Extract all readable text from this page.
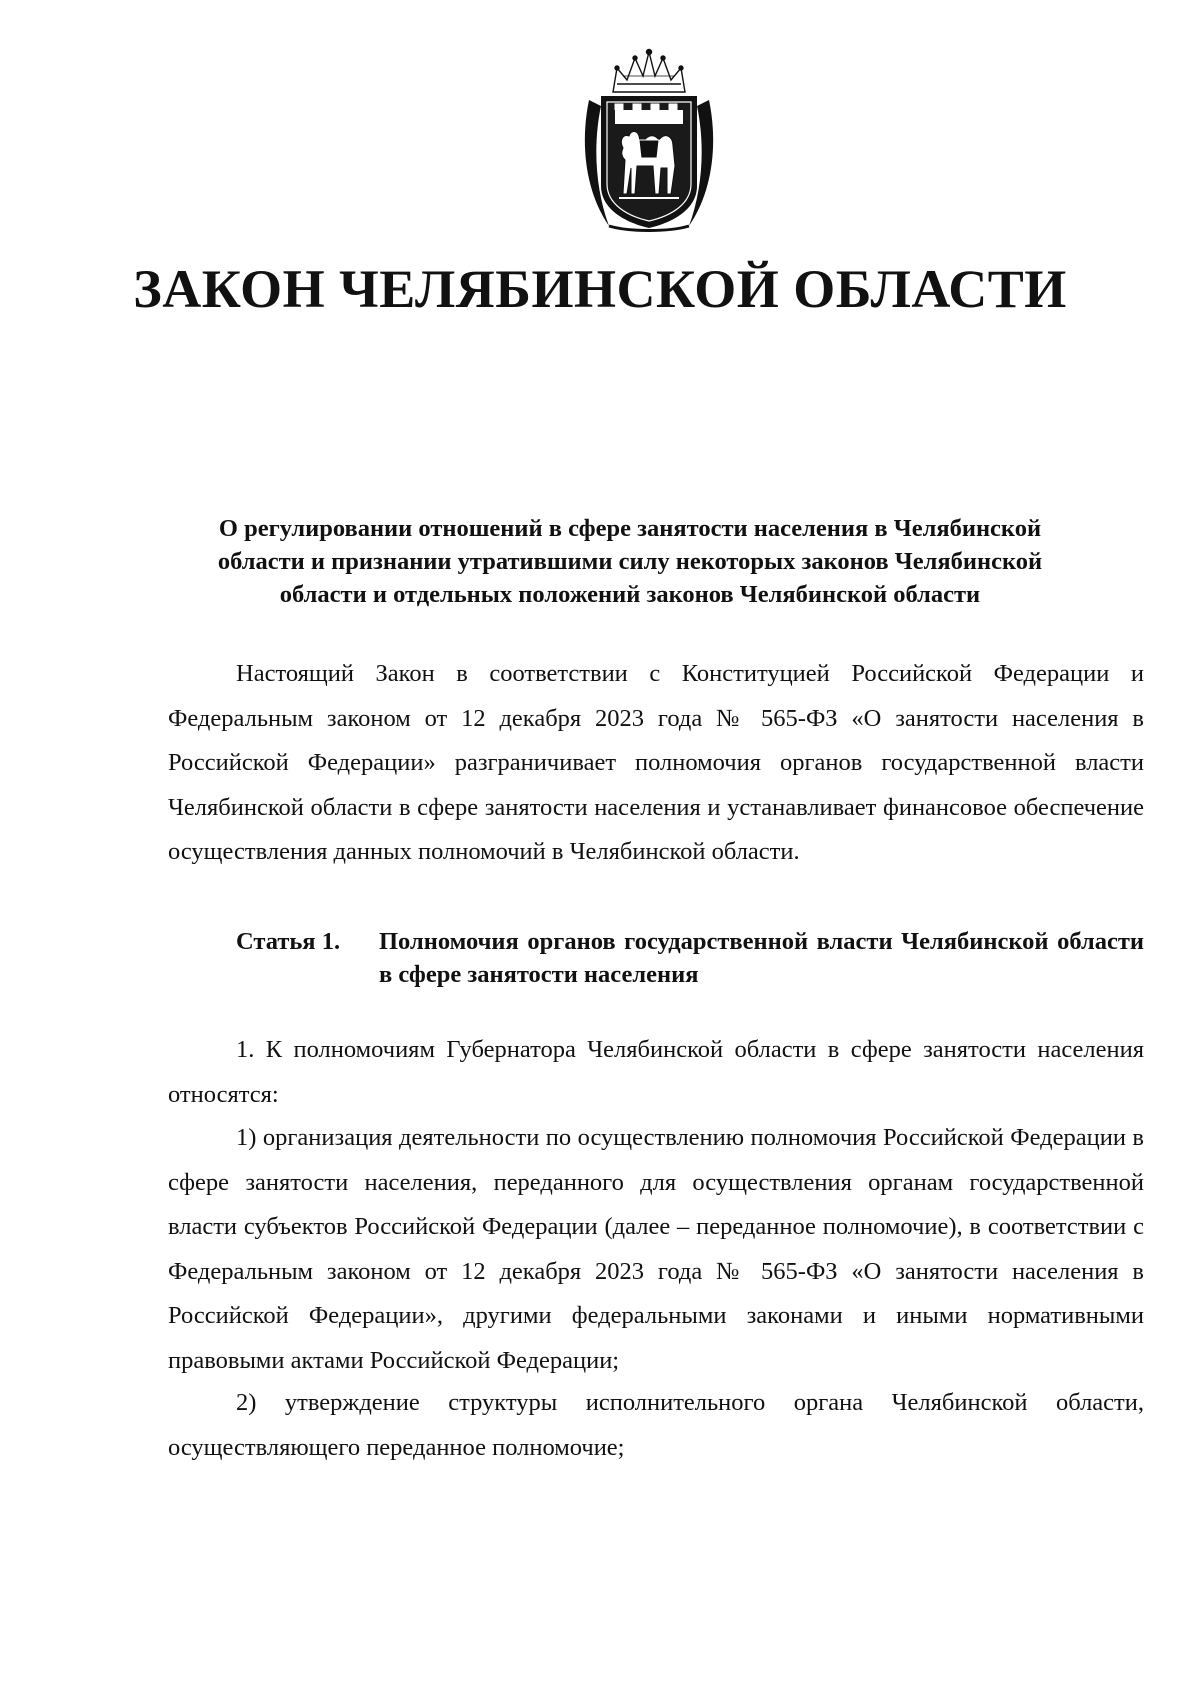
ЗАКОН ЧЕЛЯБИНСКОЙ ОБЛАСТИ

О регулировании отношений в сфере занятости населения в Челябинской области и признании утратившими силу некоторых законов Челябинской области и отдельных положений законов Челябинской области

Настоящий Закон в соответствии с Конституцией Российской Федерации и Федеральным законом от 12 декабря 2023 года № 565-ФЗ «О занятости населения в Российской Федерации» разграничивает полномочия органов государственной власти Челябинской области в сфере занятости населения и устанавливает финансовое обеспечение осуществления данных полномочий в Челябинской области.

Статья 1.	Полномочия органов государственной власти Челябинской области в сфере занятости населения

1. К полномочиям Губернатора Челябинской области в сфере занятости населения относятся:

1) организация деятельности по осуществлению полномочия Российской Федерации в сфере занятости населения, переданного для осуществления органам государственной власти субъектов Российской Федерации (далее – переданное полномочие), в соответствии с Федеральным законом от 12 декабря 2023 года № 565-ФЗ «О занятости населения в Российской Федерации», другими федеральными законами и иными нормативными правовыми актами Российской Федерации;

2) утверждение структуры исполнительного органа Челябинской области, осуществляющего переданное полномочие;
